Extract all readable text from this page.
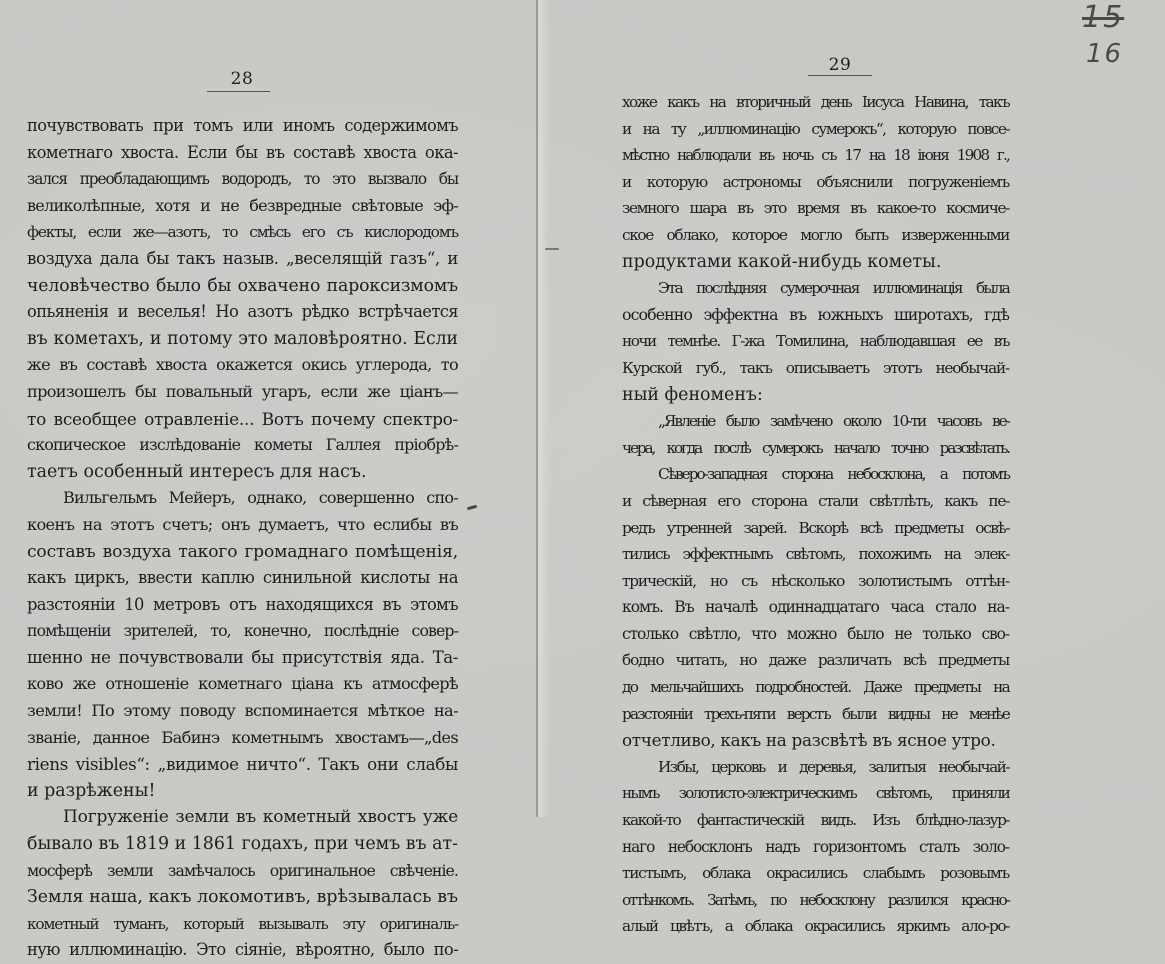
28
почувствовать при томъ или иномъ содержимомъ
кометнаго хвоста. Если бы въ составѣ хвоста ока-
зался преобладающимъ водородъ, то это вызвало бы
великолѣпные, хотя и не безвредные свѣтовые эф-
фекты, если же—азотъ, то смѣсь его съ кислородомъ
воздуха дала бы такъ назыв. „веселящій газъ“, и
человѣчество было бы охвачено пароксизмомъ
опьяненія и веселья! Но азотъ рѣдко встрѣчается
въ кометахъ, и потому это маловѣроятно. Если
же въ составѣ хвоста окажется окись углерода, то
произошелъ бы повальный угаръ, если же ціанъ—
то всеобщее отравленіе... Вотъ почему спектро-
скопическое изслѣдованіе кометы Галлея пріобрѣ-
таетъ особенный интересъ для насъ.
Вильгельмъ Мейеръ, однако, совершенно спо-
коенъ на этотъ счетъ; онъ думаетъ, что еслибы въ
составъ воздуха такого громаднаго помѣщенія,
какъ циркъ, ввести каплю синильной кислоты на
разстояніи 10 метровъ отъ находящихся въ этомъ
помѣщеніи зрителей, то, конечно, послѣдніе совер-
шенно не почувствовали бы присутствія яда. Та-
ково же отношеніе кометнаго ціана къ атмосферѣ
земли! По этому поводу вспоминается мѣткое на-
званіе, данное Бабинэ кометнымъ хвостамъ—„des
riens visibles“: „видимое ничто“. Такъ они слабы
и разрѣжены!
Погруженіе земли въ кометный хвостъ уже
бывало въ 1819 и 1861 годахъ, при чемъ въ ат-
мосферѣ земли замѣчалось оригинальное свѣченіе.
Земля наша, какъ локомотивъ, врѣзывалась въ
кометный туманъ, который вызывалъ эту оригиналь-
ную иллюминацію. Это сіяніе, вѣроятно, было по-
29
хоже какъ на вторичный день Іисуса Навина, такъ
и на ту „иллюминацію сумерокъ“, которую повсе-
мѣстно наблюдали въ ночь съ 17 на 18 іюня 1908 г.,
и которую астрономы объяснили погруженіемъ
земного шара въ это время въ какое-то космиче-
ское облако, которое могло быть изверженными
продуктами какой-нибудь кометы.
Эта послѣдняя сумерочная иллюминація была
особенно эффектна въ южныхъ широтахъ, гдѣ
ночи темнѣе. Г-жа Томилина, наблюдавшая ее въ
Курской губ., такъ описываетъ этотъ необычай-
ный феноменъ:
„Явленіе было замѣчено около 10-ти часовъ ве-
чера, когда послѣ сумерокъ начало точно разсвѣтать.
Сѣверо-западная сторона небосклона, а потомъ
и сѣверная его сторона стали свѣтлѣть, какъ пе-
редъ утренней зарей. Вскорѣ всѣ предметы освѣ-
тились эффектнымъ свѣтомъ, похожимъ на элек-
трическій, но съ нѣсколько золотистымъ оттѣн-
комъ. Въ началѣ одиннадцатаго часа стало на-
столько свѣтло, что можно было не только сво-
бодно читать, но даже различать всѣ предметы
до мельчайшихъ подробностей. Даже предметы на
разстояніи трехъ-пяти верстъ были видны не менѣе
отчетливо, какъ на разсвѣтѣ въ ясное утро.
Избы, церковь и деревья, залитыя необычай-
нымъ золотисто-электрическимъ свѣтомъ, приняли
какой-то фантастическій видъ. Изъ блѣдно-лазур-
наго небосклонъ надъ горизонтомъ сталъ золо-
тистымъ, облака окрасились слабымъ розовымъ
оттѣнкомъ. Затѣмъ, по небосклону разлился красно-
алый цвѣтъ, а облака окрасились яркимъ ало-ро-
15 16
